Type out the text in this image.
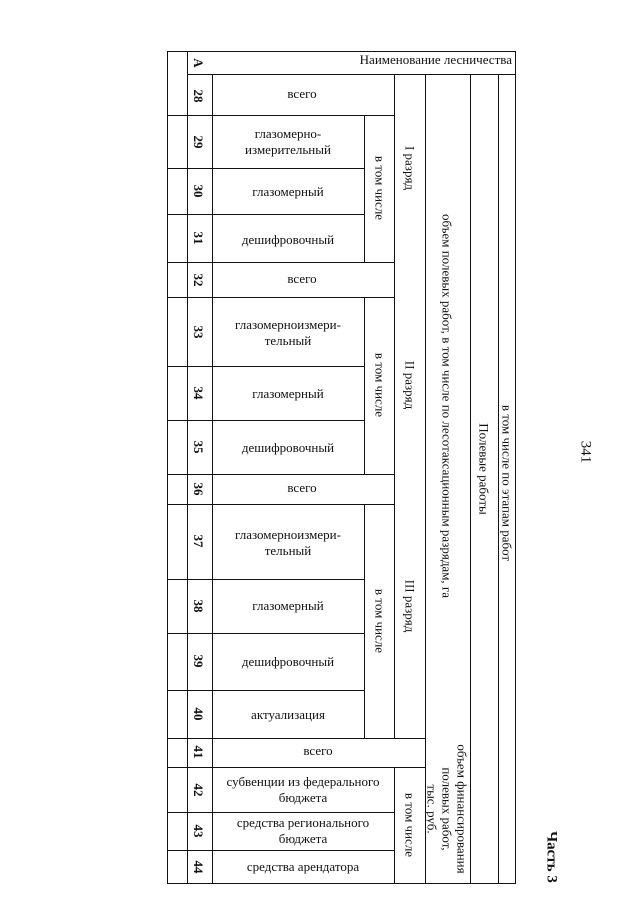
341
Часть 3
Наименование лесничества
А
28
29
30
31
32
33
34
35
36
37
38
39
40
41
42
43
44
всего
глазомерно-
измерительный
глазомерный
дешифровочный
всего
глазомерноизмери-
тельный
глазомерный
дешифровочный
всего
глазомерноизмери-
тельный
глазомерный
дешифровочный
актуализация
всего
субвенции из федерального
бюджета
средства регионального
бюджета
средства арендатора
в том числе
в том числе
в том числе
в том числе
I разряд
II разряд
III разряд
объем полевых работ, в том числе по лесотаксационным разрядам, га
объем финансирования
полевых работ,
тыс. руб.
Полевые работы в том числе по этапам работ
